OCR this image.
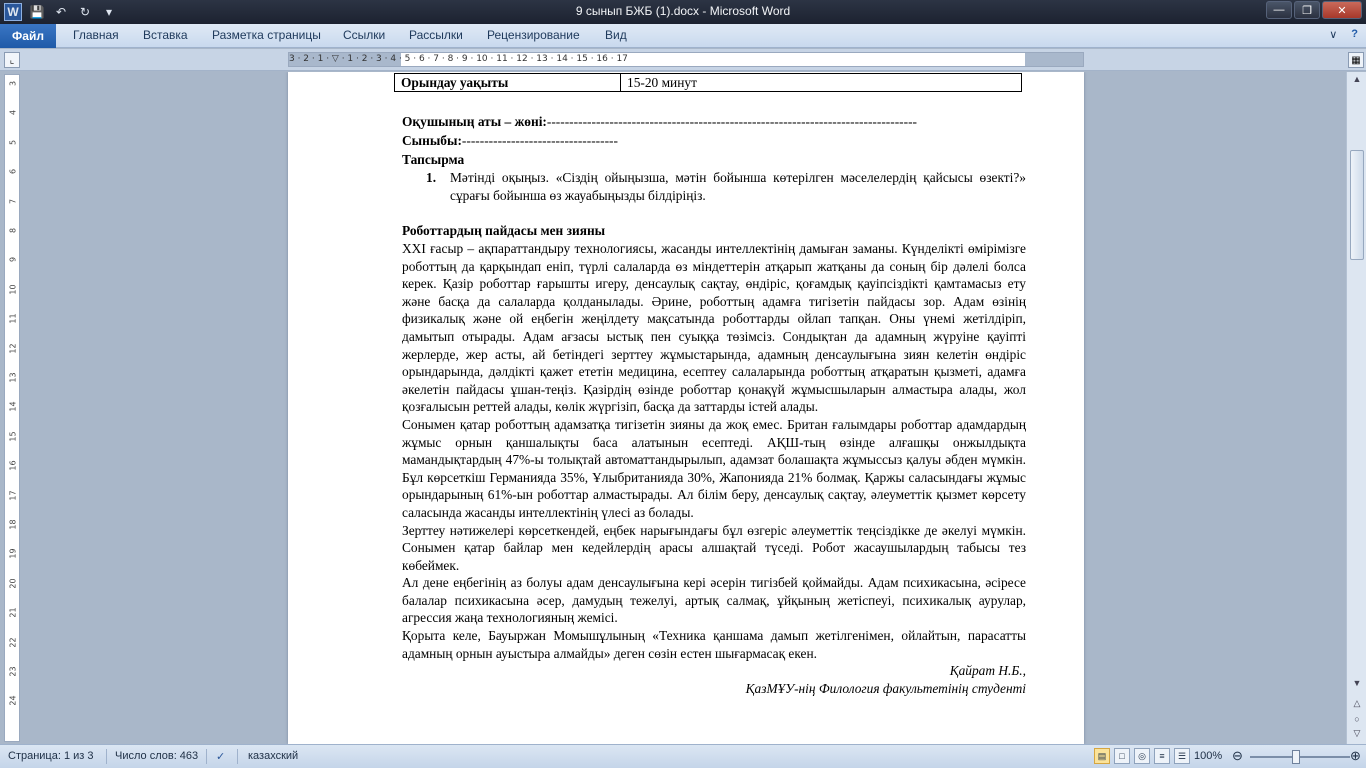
W 💾 ↶	↻	▾	9 сынып БЖБ (1).docx - Microsoft Word	—	❐	✕
Файл	Главная Вставка Разметка страницы Ссылки Рассылки Рецензирование Вид	∨ ?
⌞	3 · 2 · 1 · ▽ · 1 · 2 · 3 · 4 · 5 · 6 · 7 · 8 · 9 · 10 · 11 · 12 · 13 · 14 · 15 · 16 · 17	▦
3
4
5
6
7
8
9
10
11
12
13
14
15
16
17
18
19
20
21
22
23
24
Орындау уақыты	15-20 минут
Оқушының аты – жөні:-----------------------------------------------------------------------------------
Сыныбы:-----------------------------------
Тапсырма
1. Мәтінді оқыңыз. «Сіздің ойыңызша, мәтін бойынша көтерілген мәселелердің қайсысы өзекті?» сұрағы бойынша өз жауабыңызды білдіріңіз.
Роботтардың пайдасы мен зияны

XXI ғасыр – ақпараттандыру технологиясы, жасанды интеллектінің дамыған заманы. Күнделікті өмірімізге роботтың да қарқындап еніп, түрлі салаларда өз міндеттерін атқарып жатқаны да соның бір дәлелі болса керек. Қазір роботтар ғарышты игеру, денсаулық сақтау, өндіріс, қоғамдық қауіпсіздікті қамтамасыз ету және басқа да салаларда қолданылады. Әрине, роботтың адамға тигізетін пайдасы зор. Адам өзінің физикалық және ой еңбегін жеңілдету мақсатында роботтарды ойлап тапқан. Оны үнемі жетілдіріп, дамытып отырады. Адам ағзасы ыстық пен суыққа төзімсіз. Сондықтан да адамның жүруіне қауіпті жерлерде, жер асты, ай бетіндегі зерттеу жұмыстарында, адамның денсаулығына зиян келетін өндіріс орындарында, дәлдікті қажет ететін медицина, есептеу салаларында роботтың атқаратын қызметі, адамға әкелетін пайдасы ұшан-теңіз. Қазірдің өзінде роботтар қонақүй жұмысшыларын алмастыра алады, жол қозғалысын реттей алады, көлік жүргізіп, басқа да заттарды істей алады.

Сонымен қатар роботтың адамзатқа тигізетін зияны да жоқ емес. Британ ғалымдары роботтар адамдардың жұмыс орнын қаншалықты баса алатынын есептеді. АҚШ-тың өзінде алғашқы онжылдықта мамандықтардың 47%-ы толықтай автоматтандырылып, адамзат болашақта жұмыссыз қалуы әбден мүмкін. Бұл көрсеткіш Германияда 35%, Ұлыбританияда 30%, Жапонияда 21% болмақ. Қаржы саласындағы жұмыс орындарының 61%-ын роботтар алмастырады. Ал білім беру, денсаулық сақтау, әлеуметтік қызмет көрсету саласында жасанды интеллектінің үлесі аз болады.

Зерттеу нәтижелері көрсеткендей, еңбек нарығындағы бұл өзгеріс әлеуметтік теңсіздікке де әкелуі мүмкін. Сонымен қатар байлар мен кедейлердің арасы алшақтай түседі. Робот жасаушылардың табысы тез көбеймек.

Ал дене еңбегінің аз болуы адам денсаулығына кері әсерін тигізбей қоймайды. Адам психикасына, әсіресе балалар психикасына әсер, дамудың тежелуі, артық салмақ, ұйқының жетіспеуі, психикалық аурулар, агрессия жаңа технологияның жемісі.

Қорыта келе, Бауыржан Момышұлының «Техника қаншама дамып жетілгенімен, ойлайтын, парасатты адамның орнын ауыстыра алмайды» деген сөзін естен шығармасақ екен.

Қайрат Н.Б.,

ҚазМҰУ-нің Филология факультетінің студенті

▲
▼
△
○
▽
Страница: 1 из 3 Число слов: 463 ✓ казахский	▤	□	◎	≡	☰ 100% ⊖	⊕
